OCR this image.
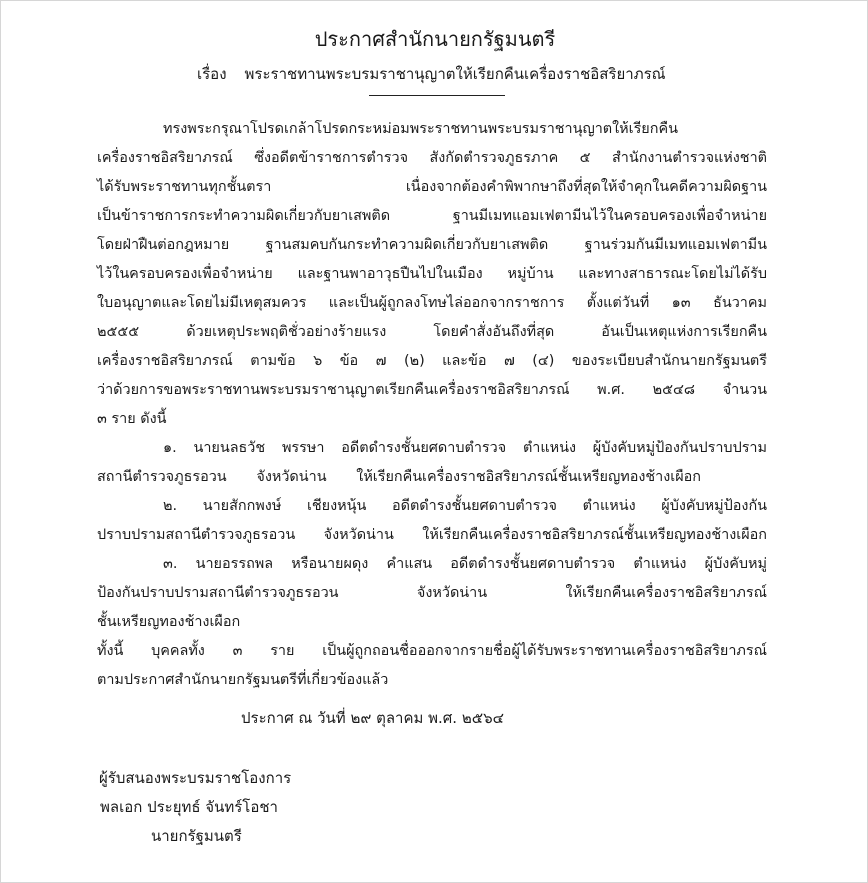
ประกาศสำนักนายกรัฐมนตรี
เรื่อง พระราชทานพระบรมราชานุญาตให้เรียกคืนเครื่องราชอิสริยาภรณ์
ทรงพระกรุณาโปรดเกล้าโปรดกระหม่อมพระราชทานพระบรมราชานุญาตให้เรียกคืน
เครื่องราชอิสริยาภรณ์ ซึ่งอดีตข้าราชการตำรวจ สังกัดตำรวจภูธรภาค ๕ สำนักงานตำรวจแห่งชาติ
ได้รับพระราชทานทุกชั้นตรา เนื่องจากต้องคำพิพากษาถึงที่สุดให้จำคุกในคดีความผิดฐาน
เป็นข้าราชการกระทำความผิดเกี่ยวกับยาเสพติด ฐานมีเมทแอมเฟตามีนไว้ในครอบครองเพื่อจำหน่าย
โดยฝ่าฝืนต่อกฎหมาย ฐานสมคบกันกระทำความผิดเกี่ยวกับยาเสพติด ฐานร่วมกันมีเมทแอมเฟตามีน
ไว้ในครอบครองเพื่อจำหน่าย และฐานพาอาวุธปืนไปในเมือง หมู่บ้าน และทางสาธารณะโดยไม่ได้รับ
ใบอนุญาตและโดยไม่มีเหตุสมควร และเป็นผู้ถูกลงโทษไล่ออกจากราชการ ตั้งแต่วันที่ ๑๓ ธันวาคม
๒๕๕๕ ด้วยเหตุประพฤติชั่วอย่างร้ายแรง โดยคำสั่งอันถึงที่สุด อันเป็นเหตุแห่งการเรียกคืน
เครื่องราชอิสริยาภรณ์ ตามข้อ ๖ ข้อ ๗ (๒) และข้อ ๗ (๔) ของระเบียบสำนักนายกรัฐมนตรี
ว่าด้วยการขอพระราชทานพระบรมราชานุญาตเรียกคืนเครื่องราชอิสริยาภรณ์ พ.ศ. ๒๕๔๘ จำนวน
๓ ราย ดังนี้
๑. นายนลธวัช พรรษา อดีตดำรงชั้นยศดาบตำรวจ ตำแหน่ง ผู้บังคับหมู่ป้องกันปราบปราม
สถานีตำรวจภูธรอวน จังหวัดน่าน ให้เรียกคืนเครื่องราชอิสริยาภรณ์ชั้นเหรียญทองช้างเผือก
๒. นายสักกพงษ์ เชียงหนุ้น อดีตดำรงชั้นยศดาบตำรวจ ตำแหน่ง ผู้บังคับหมู่ป้องกัน
ปราบปรามสถานีตำรวจภูธรอวน จังหวัดน่าน ให้เรียกคืนเครื่องราชอิสริยาภรณ์ชั้นเหรียญทองช้างเผือก
๓. นายอรรถพล หรือนายผดุง คำแสน อดีตดำรงชั้นยศดาบตำรวจ ตำแหน่ง ผู้บังคับหมู่
ป้องกันปราบปรามสถานีตำรวจภูธรอวน จังหวัดน่าน ให้เรียกคืนเครื่องราชอิสริยาภรณ์
ชั้นเหรียญทองช้างเผือก
ทั้งนี้ บุคคลทั้ง ๓ ราย เป็นผู้ถูกถอนชื่อออกจากรายชื่อผู้ได้รับพระราชทานเครื่องราชอิสริยาภรณ์
ตามประกาศสำนักนายกรัฐมนตรีที่เกี่ยวข้องแล้ว
ประกาศ ณ วันที่ ๒๙ ตุลาคม พ.ศ. ๒๕๖๔
ผู้รับสนองพระบรมราชโองการ
พลเอก ประยุทธ์ จันทร์โอชา
นายกรัฐมนตรี
